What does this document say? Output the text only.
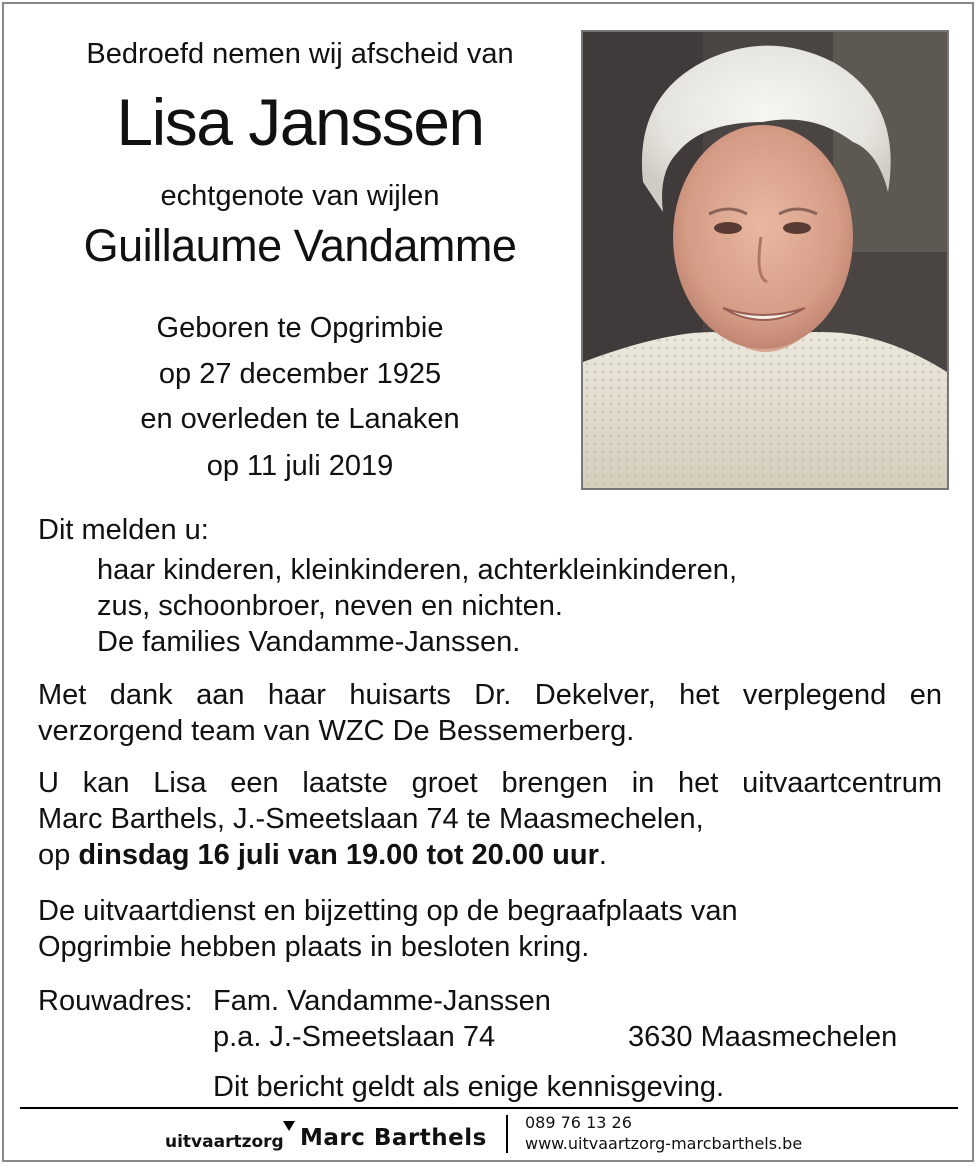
Bedroefd nemen wij afscheid van
Lisa Janssen
echtgenote van wijlen
Guillaume Vandamme
Geboren te Opgrimbie
op 27 december 1925
en overleden te Lanaken
op 11 juli 2019
Dit melden u:
haar kinderen, kleinkinderen, achterkleinkinderen,
zus, schoonbroer, neven en nichten.
De families Vandamme-Janssen.
Met dank aan haar huisarts Dr. Dekelver, het verplegend en
verzorgend team van WZC De Bessemerberg.
U kan Lisa een laatste groet brengen in het uitvaartcentrum
Marc Barthels, J.-Smeetslaan 74 te Maasmechelen,
op dinsdag 16 juli van 19.00 tot 20.00 uur.
De uitvaartdienst en bijzetting op de begraafplaats van
Opgrimbie hebben plaats in besloten kring.
Rouwadres: Fam. Vandamme-Janssen
p.a. J.-Smeetslaan 74	3630 Maasmechelen
Dit bericht geldt als enige kennisgeving.
uitvaartzorg Marc Barthels
089 76 13 26
www.uitvaartzorg-marcbarthels.be
